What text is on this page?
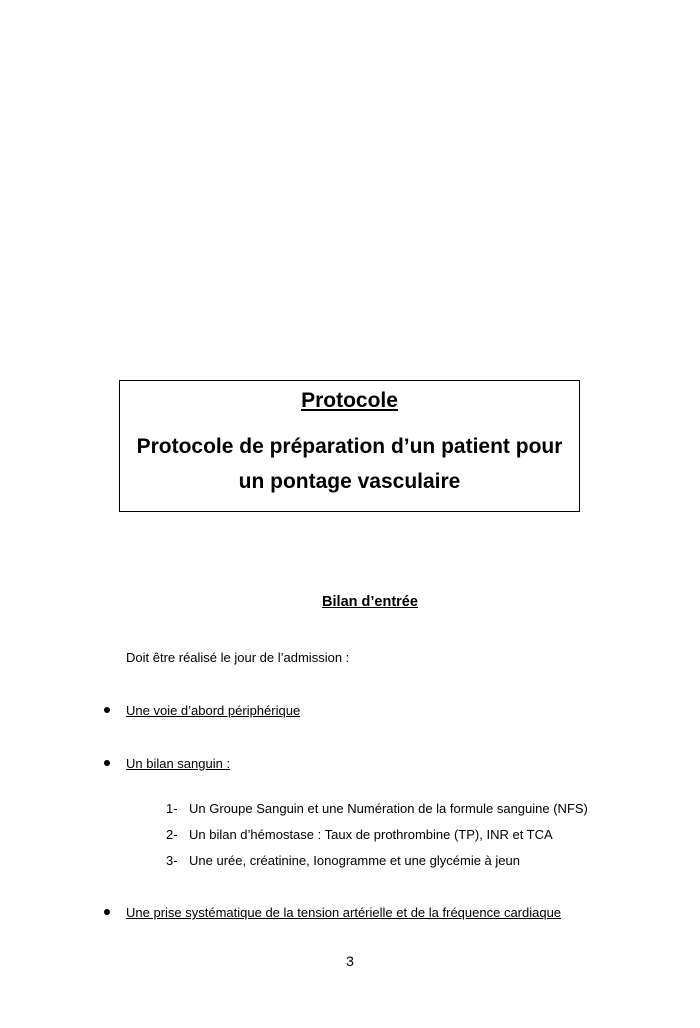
Protocole
Protocole de préparation d’un patient pour un pontage vasculaire
Bilan d’entrée
Doit être réalisé le jour de l’admission :
Une voie d’abord périphérique
Un bilan sanguin :
1- Un Groupe Sanguin et une Numération de la formule sanguine (NFS)
2- Un bilan d’hémostase : Taux de prothrombine (TP), INR et TCA
3- Une urée, créatinine, Ionogramme et une glycémie à jeun
Une prise systématique de la tension artérielle et de la fréquence cardiaque
3
